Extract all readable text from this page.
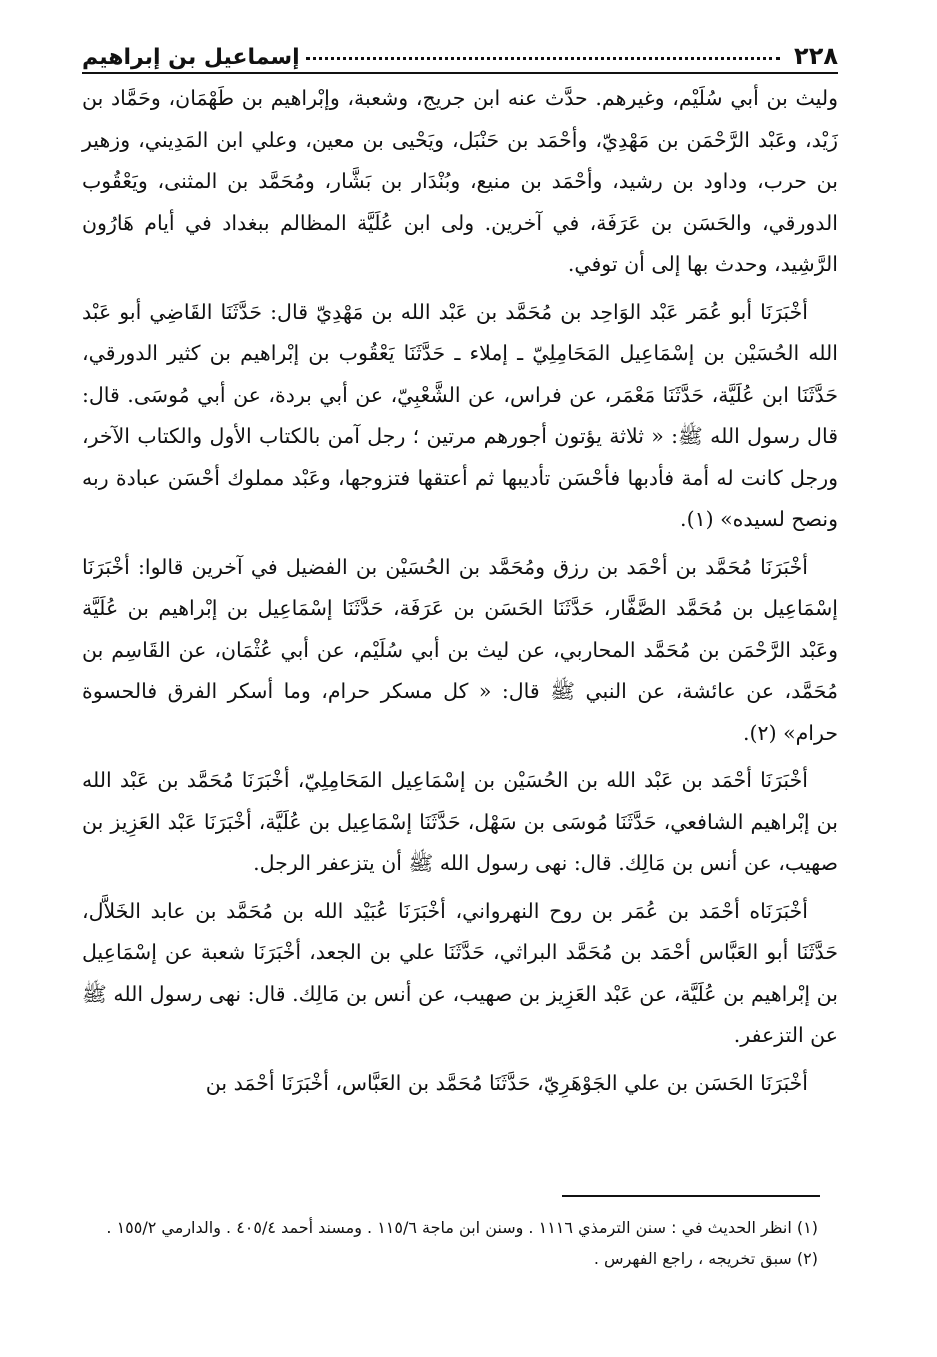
٢٢٨
إسماعيل بن إبراهيم

وليث بن أبي سُلَيْم، وغيرهم. حدَّث عنه ابن جريج، وشعبة، وإبْراهيم بن طَهْمَان، وحَمَّاد بن زَيْد، وعَبْد الرَّحْمَن بن مَهْدِيّ، وأحْمَد بن حَنْبَل، ويَحْيى بن معين، وعلي ابن المَدِيني، وزهير بن حرب، وداود بن رشيد، وأحْمَد بن منيع، وبُنْدَار بن بَشَّار، ومُحَمَّد بن المثنى، ويَعْقُوب الدورقي، والحَسَن بن عَرَفَة، في آخرين. ولى ابن عُلَيَّة المظالم ببغداد في أيام هَارُون الرَّشِيد، وحدث بها إلى أن توفي.

أخْبَرَنَا أبو عُمَر عَبْد الوَاحِد بن مُحَمَّد بن عَبْد الله بن مَهْدِيّ قال: حَدَّثَنَا القَاضِي أبو عَبْد الله الحُسَيْن بن إسْمَاعِيل المَحَامِلِيّ ـ إملاء ـ حَدَّثَنَا يَعْقُوب بن إبْراهيم بن كثير الدورقي، حَدَّثَنَا ابن عُلَيَّة، حَدَّثَنَا مَعْمَر، عن فراس، عن الشَّعْبِيّ، عن أبي بردة، عن أبي مُوسَى. قال: قال رسول الله ﷺ: « ثلاثة يؤتون أجورهم مرتين ؛ رجل آمن بالكتاب الأول والكتاب الآخر، ورجل كانت له أمة فأدبها فأحْسَن تأديبها ثم أعتقها فتزوجها، وعَبْد مملوك أحْسَن عبادة ربه ونصح لسيده» (١).

أخْبَرَنَا مُحَمَّد بن أحْمَد بن رزق ومُحَمَّد بن الحُسَيْن بن الفضيل في آخرين قالوا: أخْبَرَنَا إسْمَاعِيل بن مُحَمَّد الصَّفَّار، حَدَّثَنَا الحَسَن بن عَرَفَة، حَدَّثَنَا إسْمَاعِيل بن إبْراهيم بن عُلَيَّة وعَبْد الرَّحْمَن بن مُحَمَّد المحاربي، عن ليث بن أبي سُلَيْم، عن أبي عُثْمَان، عن القَاسِم بن مُحَمَّد، عن عائشة، عن النبي ﷺ قال: « كل مسكر حرام، وما أسكر الفرق فالحسوة حرام» (٢).

أخْبَرَنَا أحْمَد بن عَبْد الله بن الحُسَيْن بن إسْمَاعِيل المَحَامِلِيّ، أخْبَرَنَا مُحَمَّد بن عَبْد الله بن إبْراهيم الشافعي، حَدَّثَنَا مُوسَى بن سَهْل، حَدَّثَنَا إسْمَاعِيل بن عُلَيَّة، أخْبَرَنَا عَبْد العَزِيز بن صهيب، عن أنس بن مَالِك. قال: نهى رسول الله ﷺ أن يتزعفر الرجل.

أخْبَرَنَاه أحْمَد بن عُمَر بن روح النهرواني، أخْبَرَنَا عُبَيْد الله بن مُحَمَّد بن عابد الخَلاَّل، حَدَّثَنَا أبو العَبَّاس أحْمَد بن مُحَمَّد البراثي، حَدَّثَنَا علي بن الجعد، أخْبَرَنَا شعبة عن إسْمَاعِيل بن إبْراهيم بن عُلَيَّة، عن عَبْد العَزِيز بن صهيب، عن أنس بن مَالِك. قال: نهى رسول الله ﷺ عن التزعفر.

أخْبَرَنَا الحَسَن بن علي الجَوْهَرِيّ، حَدَّثَنَا مُحَمَّد بن العَبَّاس، أخْبَرَنَا أحْمَد بن

(١) انظر الحديث في : سنن الترمذي ١١١٦ . وسنن ابن ماجة ١١٥/٦ . ومسند أحمد ٤٠٥/٤ . والدارمي ١٥٥/٢ .

(٢) سبق تخريجه ، راجع الفهرس .
